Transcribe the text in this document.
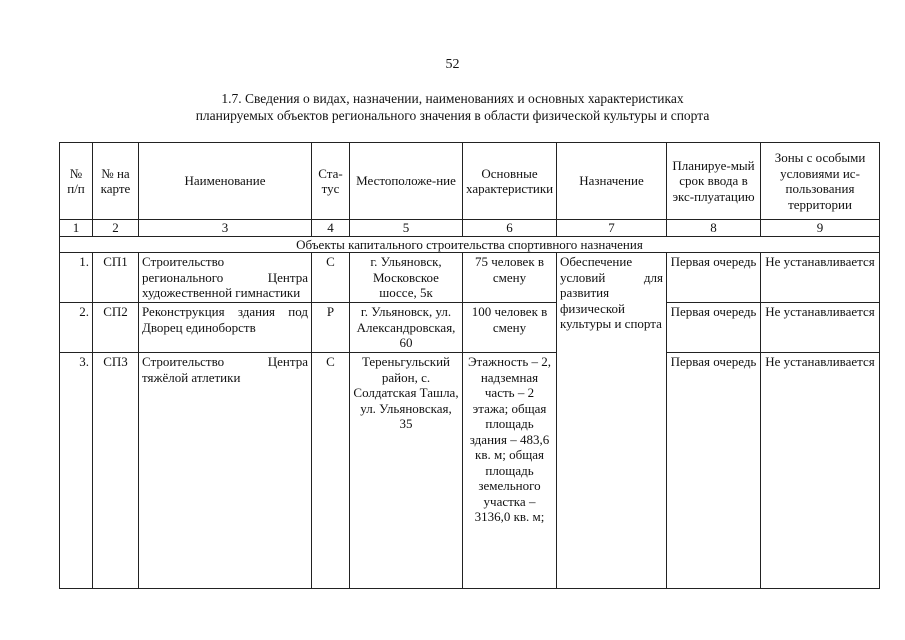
52
1.7. Сведения о видах, назначении, наименованиях и основных характеристиках
планируемых объектов регионального значения в области физической культуры и спорта
№ п/п	№ на карте	Наименование	Ста-тус	Местоположе-ние	Основные характеристики	Назначение	Планируе-мый срок ввода в экс-плуатацию	Зоны с особыми условиями ис-пользования территории
1	2	3	4	5	6	7	8	9
Объекты капитального строительства спортивного назначения								
1.	СП1	Строительство регионального Центра художественной гимнастики	С	г. Ульяновск, Московское шоссе, 5к	75 человек в смену	Обеспечение условий для развития физической культуры и спорта	Первая очередь	Не устанавливается
2.	СП2	Реконструкция здания под Дворец единоборств	Р	г. Ульяновск, ул. Александровская, 60	100 человек в смену		Первая очередь	Не устанавливается
3.	СП3	Строительство Центра тяжёлой атлетики	С	Тереньгульский район, с. Солдатская Ташла, ул. Ульяновская, 35	Этажность – 2, надземная часть – 2 этажа; общая площадь здания – 483,6 кв. м; общая площадь земельного участка – 3136,0 кв. м;		Первая очередь	Не устанавливается
